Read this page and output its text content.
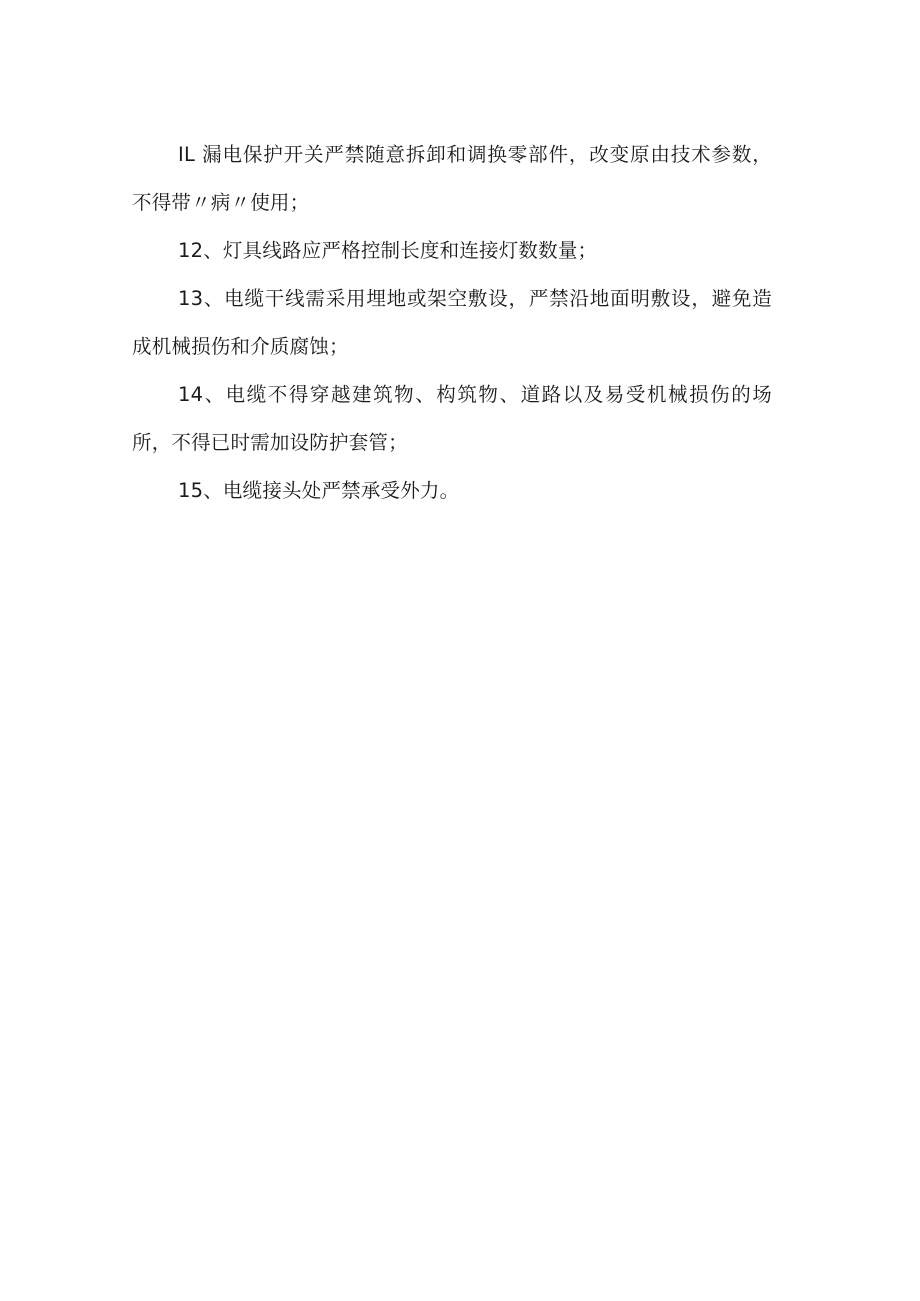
IL 漏电保护开关严禁随意拆卸和调换零部件，改变原由技术参数，不得带〃病〃使用；

12、灯具线路应严格控制长度和连接灯数数量；

13、电缆干线需采用埋地或架空敷设，严禁沿地面明敷设，避免造成机械损伤和介质腐蚀；

14、电缆不得穿越建筑物、构筑物、道路以及易受机械损伤的场所，不得已时需加设防护套管；

15、电缆接头处严禁承受外力。
